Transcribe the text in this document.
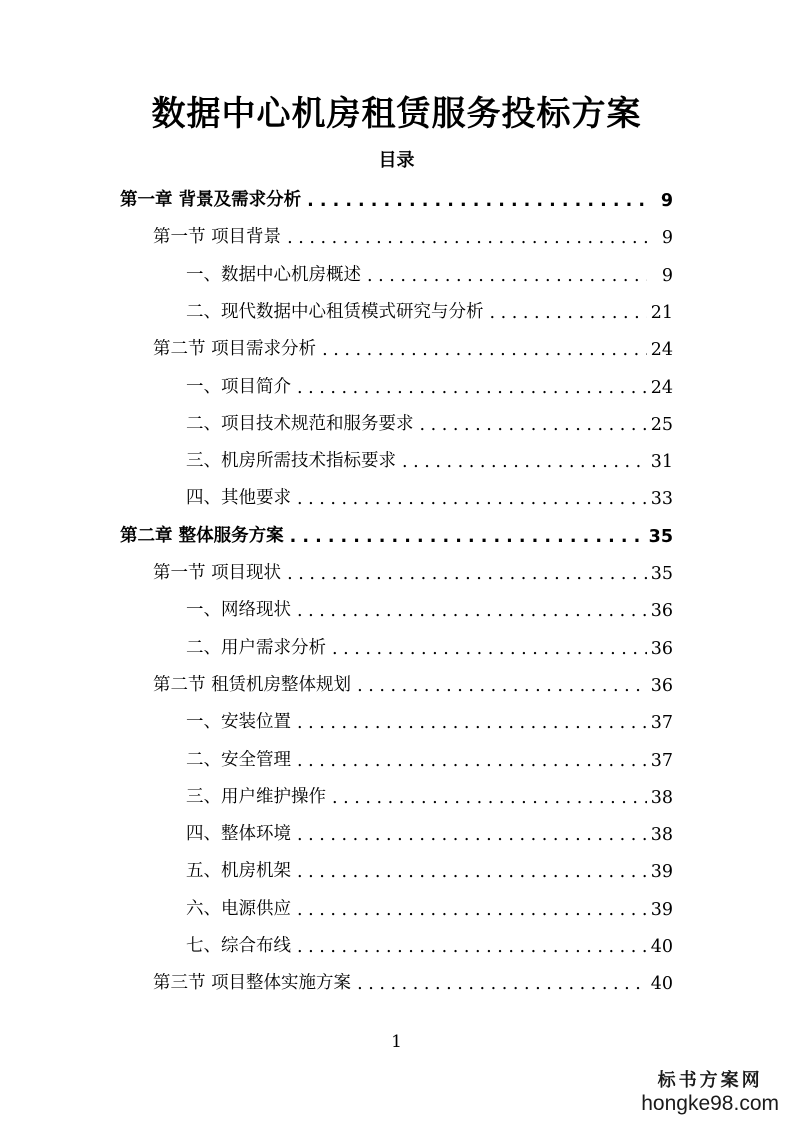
数据中心机房租赁服务投标方案
目录
第一章 背景及需求分析 . . .	9
第一节 项目背景 . . .	9
一、数据中心机房概述 . . .	9
二、现代数据中心租赁模式研究与分析 . . .	21
第二节 项目需求分析 . . .	24
一、项目简介 . . .	24
二、项目技术规范和服务要求 . . .	25
三、机房所需技术指标要求 . . .	31
四、其他要求 . . .	33
第二章 整体服务方案 . . .	35
第一节 项目现状 . . .	35
一、网络现状 . . .	36
二、用户需求分析 . . .	36
第二节 租赁机房整体规划 . . .	36
一、安装位置 . . .	37
二、安全管理 . . .	37
三、用户维护操作 . . .	38
四、整体环境 . . .	38
五、机房机架 . . .	39
六、电源供应 . . .	39
七、综合布线 . . .	40
第三节 项目整体实施方案 . . .	40
1
标书方案网
hongke98.com
